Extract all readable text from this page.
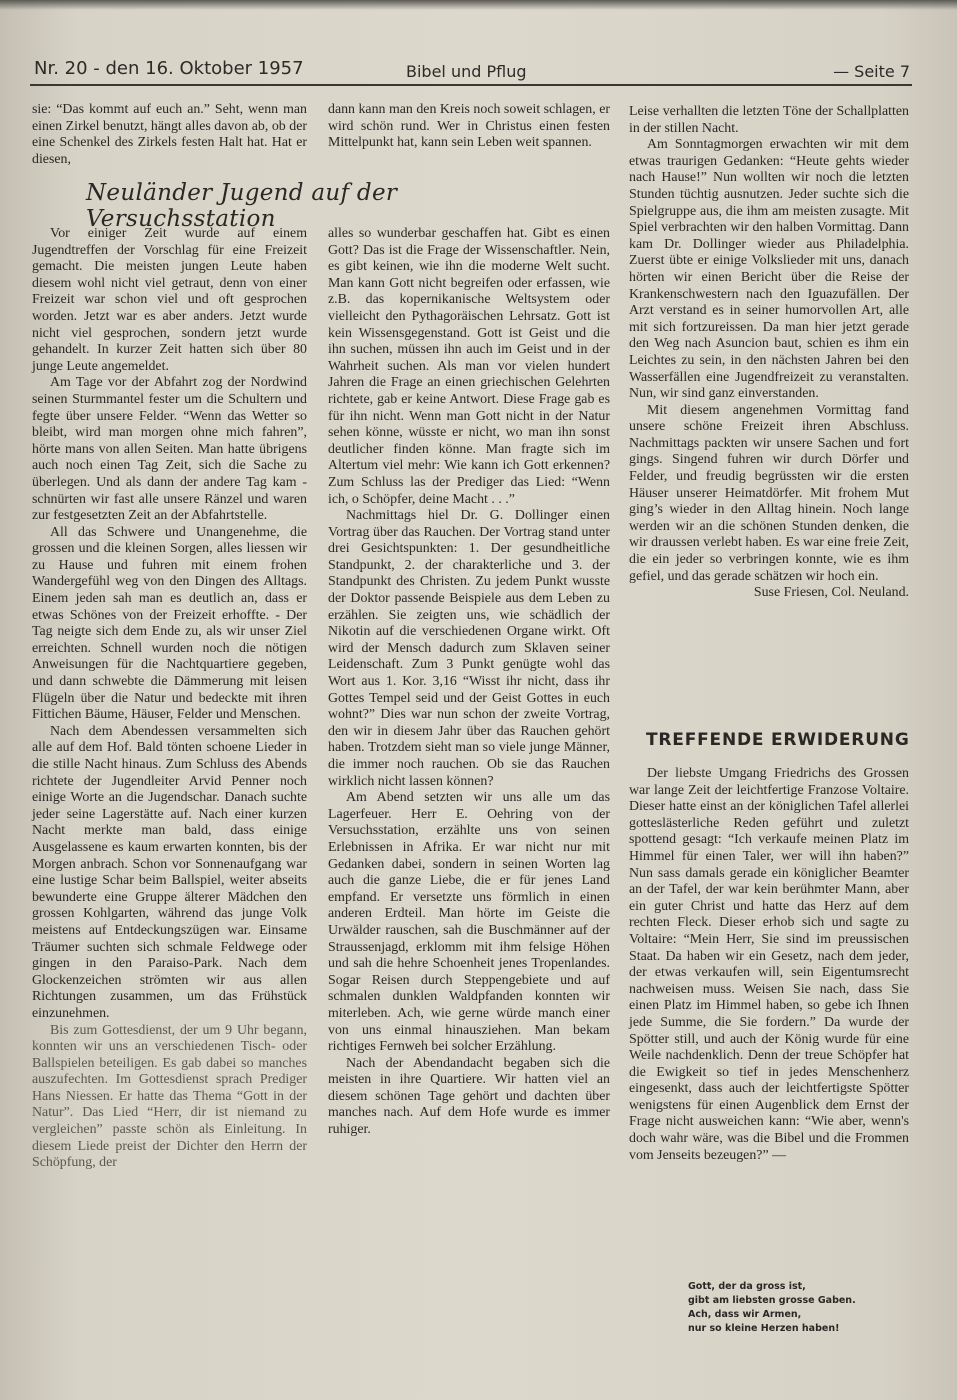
Nr. 20 - den 16. Oktober 1957	Bibel und Pflug	— Seite 7

sie: “Das kommt auf euch an.” Seht, wenn man einen Zirkel benutzt, hängt alles davon ab, ob der eine Schenkel des Zirkels festen Halt hat. Hat er diesen,

dann kann man den Kreis noch soweit schlagen, er wird schön rund. Wer in Christus einen festen Mittelpunkt hat, kann sein Leben weit spannen.

Neuländer Jugend auf der Versuchsstation

Vor einiger Zeit wurde auf einem Jugendtreffen der Vorschlag für eine Freizeit gemacht. Die meisten jungen Leute haben diesem wohl nicht viel getraut, denn von einer Freizeit war schon viel und oft gesprochen worden. Jetzt war es aber anders. Jetzt wurde nicht viel gesprochen, sondern jetzt wurde gehandelt. In kurzer Zeit hatten sich über 80 junge Leute angemeldet.

Am Tage vor der Abfahrt zog der Nordwind seinen Sturmmantel fester um die Schultern und fegte über unsere Felder. “Wenn das Wetter so bleibt, wird man morgen ohne mich fahren”, hörte mans von allen Seiten. Man hatte übrigens auch noch einen Tag Zeit, sich die Sache zu überlegen. Und als dann der andere Tag kam - schnürten wir fast alle unsere Ränzel und waren zur festgesetzten Zeit an der Abfahrtstelle.

All das Schwere und Unangenehme, die grossen und die kleinen Sorgen, alles liessen wir zu Hause und fuhren mit einem frohen Wandergefühl weg von den Dingen des Alltags. Einem jeden sah man es deutlich an, dass er etwas Schönes von der Freizeit erhoffte. - Der Tag neigte sich dem Ende zu, als wir unser Ziel erreichten. Schnell wurden noch die nötigen Anweisungen für die Nachtquartiere gegeben, und dann schwebte die Dämmerung mit leisen Flügeln über die Natur und bedeckte mit ihren Fittichen Bäume, Häuser, Felder und Menschen.

Nach dem Abendessen versammelten sich alle auf dem Hof. Bald tönten schoene Lieder in die stille Nacht hinaus. Zum Schluss des Abends richtete der Jugendleiter Arvid Penner noch einige Worte an die Jugendschar. Danach suchte jeder seine Lagerstätte auf. Nach einer kurzen Nacht merkte man bald, dass einige Ausgelassene es kaum erwarten konnten, bis der Morgen anbrach. Schon vor Sonnenaufgang war eine lustige Schar beim Ballspiel, weiter abseits bewunderte eine Gruppe älterer Mädchen den grossen Kohlgarten, während das junge Volk meistens auf Entdeckungszügen war. Einsame Träumer suchten sich schmale Feldwege oder gingen in den Paraiso-Park. Nach dem Glockenzeichen strömten wir aus allen Richtungen zusammen, um das Frühstück einzunehmen.

Bis zum Gottesdienst, der um 9 Uhr begann, konnten wir uns an verschiedenen Tisch- oder Ballspielen beteiligen. Es gab dabei so manches auszufechten. Im Gottesdienst sprach Prediger Hans Niessen. Er hatte das Thema “Gott in der Natur”. Das Lied “Herr, dir ist niemand zu vergleichen” passte schön als Einleitung. In diesem Liede preist der Dichter den Herrn der Schöpfung, der

alles so wunderbar geschaffen hat. Gibt es einen Gott? Das ist die Frage der Wissenschaftler. Nein, es gibt keinen, wie ihn die moderne Welt sucht. Man kann Gott nicht begreifen oder erfassen, wie z.B. das kopernikanische Weltsystem oder vielleicht den Pythagoräischen Lehrsatz. Gott ist kein Wissensgegenstand. Gott ist Geist und die ihn suchen, müssen ihn auch im Geist und in der Wahrheit suchen. Als man vor vielen hundert Jahren die Frage an einen griechischen Gelehrten richtete, gab er keine Antwort. Diese Frage gab es für ihn nicht. Wenn man Gott nicht in der Natur sehen könne, wüsste er nicht, wo man ihn sonst deutlicher finden könne. Man fragte sich im Altertum viel mehr: Wie kann ich Gott erkennen? Zum Schluss las der Prediger das Lied: “Wenn ich, o Schöpfer, deine Macht . . .”

Nachmittags hiel Dr. G. Dollinger einen Vortrag über das Rauchen. Der Vortrag stand unter drei Gesichtspunkten: 1. Der gesundheitliche Standpunkt, 2. der charakterliche und 3. der Standpunkt des Christen. Zu jedem Punkt wusste der Doktor passende Beispiele aus dem Leben zu erzählen. Sie zeigten uns, wie schädlich der Nikotin auf die verschiedenen Organe wirkt. Oft wird der Mensch dadurch zum Sklaven seiner Leidenschaft. Zum 3 Punkt genügte wohl das Wort aus 1. Kor. 3,16 “Wisst ihr nicht, dass ihr Gottes Tempel seid und der Geist Gottes in euch wohnt?” Dies war nun schon der zweite Vortrag, den wir in diesem Jahr über das Rauchen gehört haben. Trotzdem sieht man so viele junge Männer, die immer noch rauchen. Ob sie das Rauchen wirklich nicht lassen können?

Am Abend setzten wir uns alle um das Lagerfeuer. Herr E. Oehring von der Versuchsstation, erzählte uns von seinen Erlebnissen in Afrika. Er war nicht nur mit Gedanken dabei, sondern in seinen Worten lag auch die ganze Liebe, die er für jenes Land empfand. Er versetzte uns förmlich in einen anderen Erdteil. Man hörte im Geiste die Urwälder rauschen, sah die Buschmänner auf der Straussenjagd, erklomm mit ihm felsige Höhen und sah die hehre Schoenheit jenes Tropenlandes. Sogar Reisen durch Steppengebiete und auf schmalen dunklen Waldpfanden konnten wir miterleben. Ach, wie gerne würde manch einer von uns einmal hinausziehen. Man bekam richtiges Fernweh bei solcher Erzählung.

Nach der Abendandacht begaben sich die meisten in ihre Quartiere. Wir hatten viel an diesem schönen Tage gehört und dachten über manches nach. Auf dem Hofe wurde es immer ruhiger.

Leise verhallten die letzten Töne der Schallplatten in der stillen Nacht.

Am Sonntagmorgen erwachten wir mit dem etwas traurigen Gedanken: “Heute gehts wieder nach Hause!” Nun wollten wir noch die letzten Stunden tüchtig ausnutzen. Jeder suchte sich die Spielgruppe aus, die ihm am meisten zusagte. Mit Spiel verbrachten wir den halben Vormittag. Dann kam Dr. Dollinger wieder aus Philadelphia. Zuerst übte er einige Volkslieder mit uns, danach hörten wir einen Bericht über die Reise der Krankenschwestern nach den Iguazufällen. Der Arzt verstand es in seiner humorvollen Art, alle mit sich fortzureissen. Da man hier jetzt gerade den Weg nach Asuncion baut, schien es ihm ein Leichtes zu sein, in den nächsten Jahren bei den Wasserfällen eine Jugendfreizeit zu veranstalten. Nun, wir sind ganz einverstanden.

Mit diesem angenehmen Vormittag fand unsere schöne Freizeit ihren Abschluss. Nachmittags packten wir unsere Sachen und fort gings. Singend fuhren wir durch Dörfer und Felder, und freudig begrüssten wir die ersten Häuser unserer Heimatdörfer. Mit frohem Mut ging’s wieder in den Alltag hinein. Noch lange werden wir an die schönen Stunden denken, die wir draussen verlebt haben. Es war eine freie Zeit, die ein jeder so verbringen konnte, wie es ihm gefiel, und das gerade schätzen wir hoch ein.

Suse Friesen, Col. Neuland.

TREFFENDE ERWIDERUNG

Der liebste Umgang Friedrichs des Grossen war lange Zeit der leichtfertige Franzose Voltaire. Dieser hatte einst an der königlichen Tafel allerlei gotteslästerliche Reden geführt und zuletzt spottend gesagt: “Ich verkaufe meinen Platz im Himmel für einen Taler, wer will ihn haben?” Nun sass damals gerade ein königlicher Beamter an der Tafel, der war kein berühmter Mann, aber ein guter Christ und hatte das Herz auf dem rechten Fleck. Dieser erhob sich und sagte zu Voltaire: “Mein Herr, Sie sind im preussischen Staat. Da haben wir ein Gesetz, nach dem jeder, der etwas verkaufen will, sein Eigentumsrecht nachweisen muss. Weisen Sie nach, dass Sie einen Platz im Himmel haben, so gebe ich Ihnen jede Summe, die Sie fordern.” Da wurde der Spötter still, und auch der König wurde für eine Weile nachdenklich. Denn der treue Schöpfer hat die Ewigkeit so tief in jedes Menschenherz eingesenkt, dass auch der leichtfertigste Spötter wenigstens für einen Augenblick dem Ernst der Frage nicht ausweichen kann: “Wie aber, wenn's doch wahr wäre, was die Bibel und die Frommen vom Jenseits bezeugen?” —

Gott, der da gross ist,
gibt am liebsten grosse Gaben.
Ach, dass wir Armen,
nur so kleine Herzen haben!
